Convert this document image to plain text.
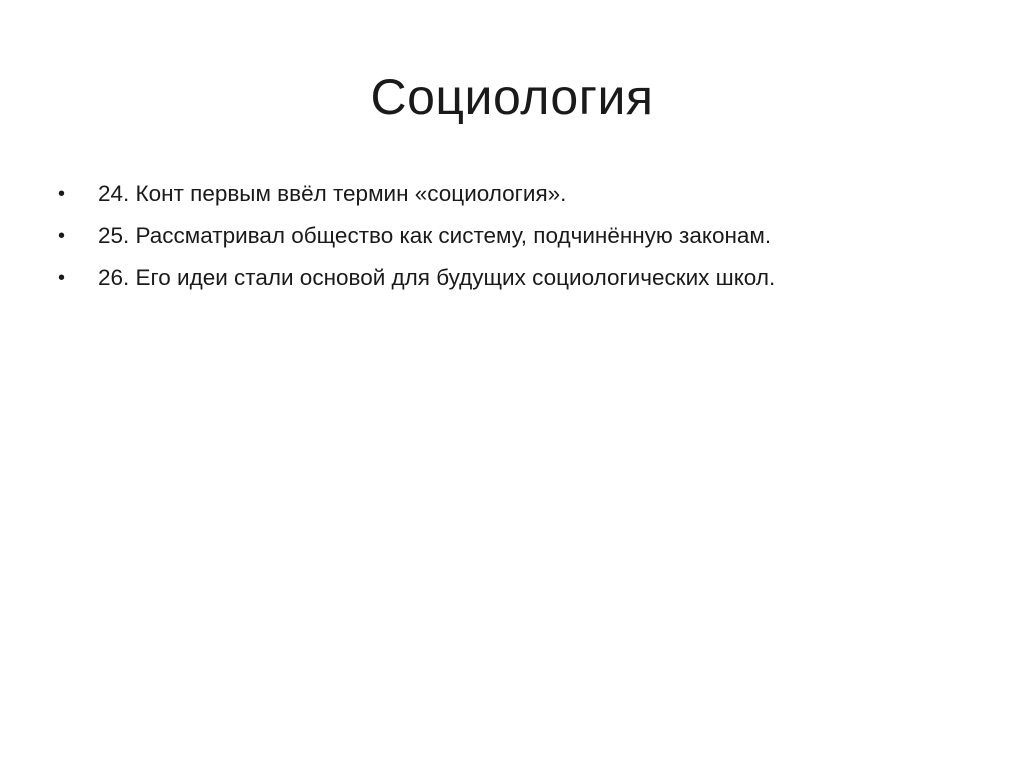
Социология
• 24. Конт первым ввёл термин «социология».
• 25. Рассматривал общество как систему, подчинённую законам.
• 26. Его идеи стали основой для будущих социологических школ.
